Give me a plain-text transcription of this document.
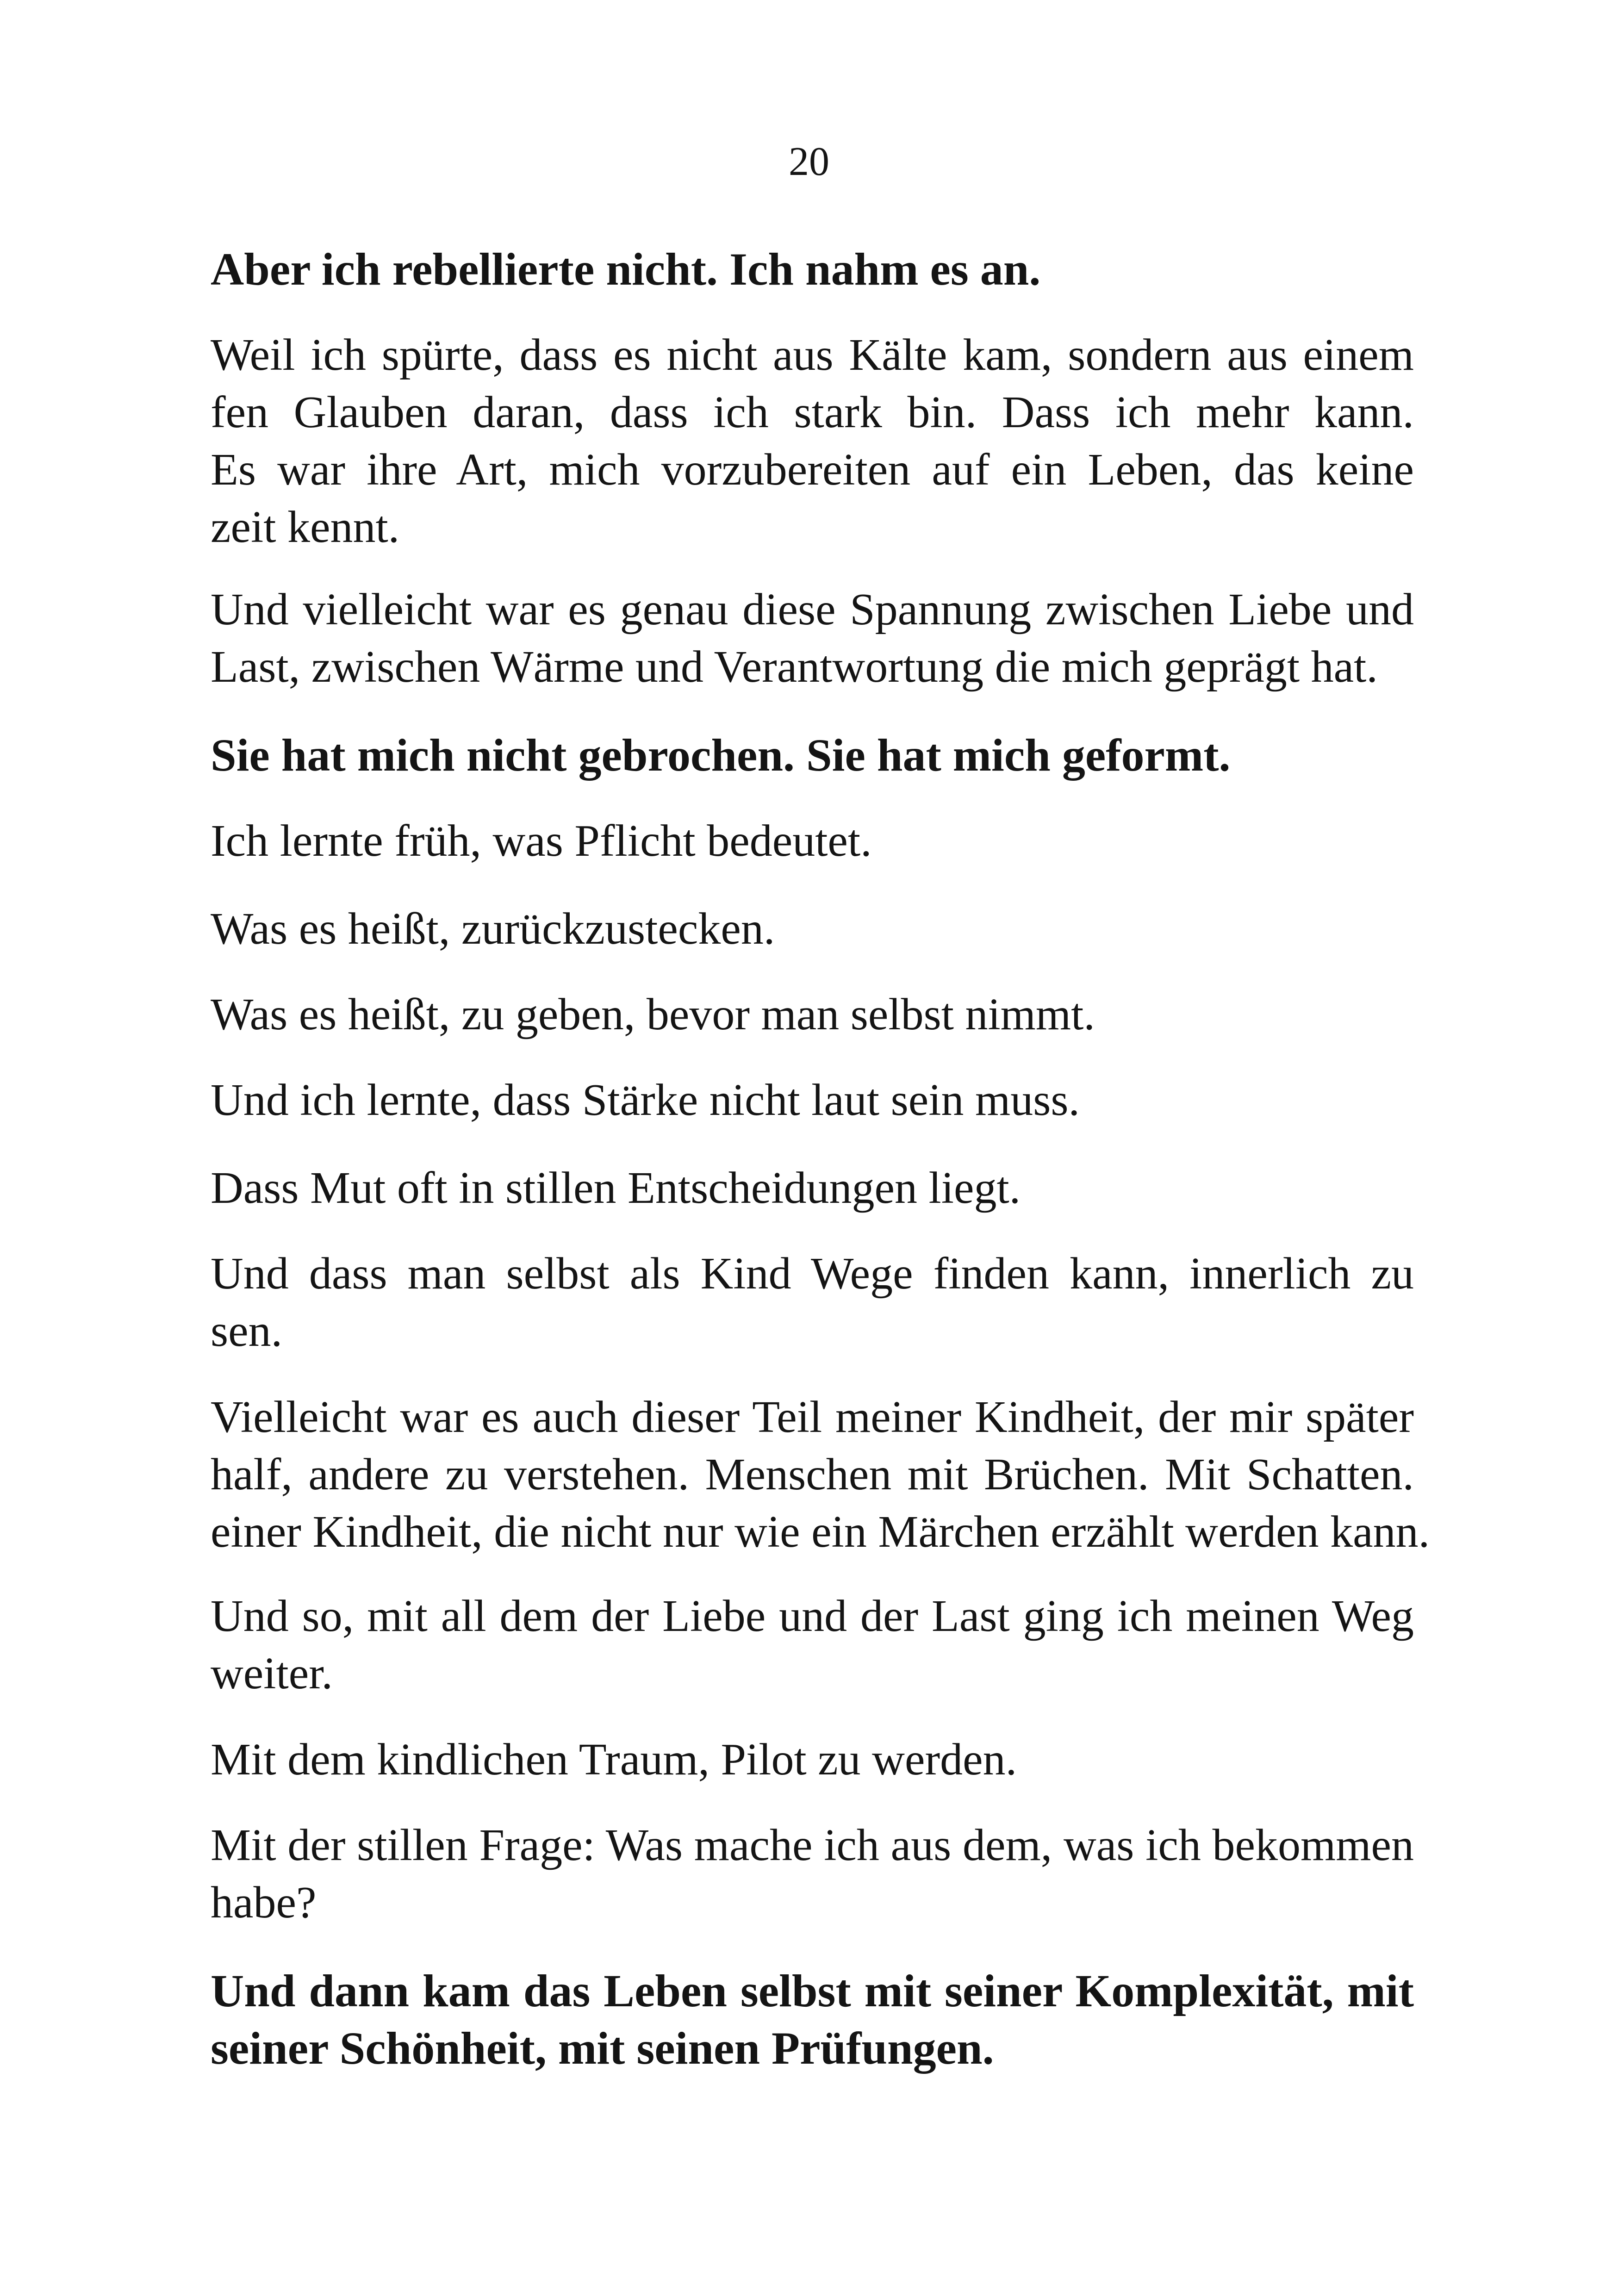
20
Aber ich rebellierte nicht. Ich nahm es an.
Weil ich spürte, dass es nicht aus Kälte kam, sondern aus einem
fen Glauben daran, dass ich stark bin. Dass ich mehr kann.
Es war ihre Art, mich vorzubereiten auf ein Leben, das keine
zeit kennt.
Und vielleicht war es genau diese Spannung zwischen Liebe und
Last, zwischen Wärme und Verantwortung die mich geprägt hat.
Sie hat mich nicht gebrochen. Sie hat mich geformt.
Ich lernte früh, was Pflicht bedeutet.
Was es heißt, zurückzustecken.
Was es heißt, zu geben, bevor man selbst nimmt.
Und ich lernte, dass Stärke nicht laut sein muss.
Dass Mut oft in stillen Entscheidungen liegt.
Und dass man selbst als Kind Wege finden kann, innerlich zu
sen.
Vielleicht war es auch dieser Teil meiner Kindheit, der mir später
half, andere zu verstehen. Menschen mit Brüchen. Mit Schatten.
einer Kindheit, die nicht nur wie ein Märchen erzählt werden kann.
Und so, mit all dem der Liebe und der Last ging ich meinen Weg
weiter.
Mit dem kindlichen Traum, Pilot zu werden.
Mit der stillen Frage: Was mache ich aus dem, was ich bekommen
habe?
Und dann kam das Leben selbst mit seiner Komplexität, mit
seiner Schönheit, mit seinen Prüfungen.
